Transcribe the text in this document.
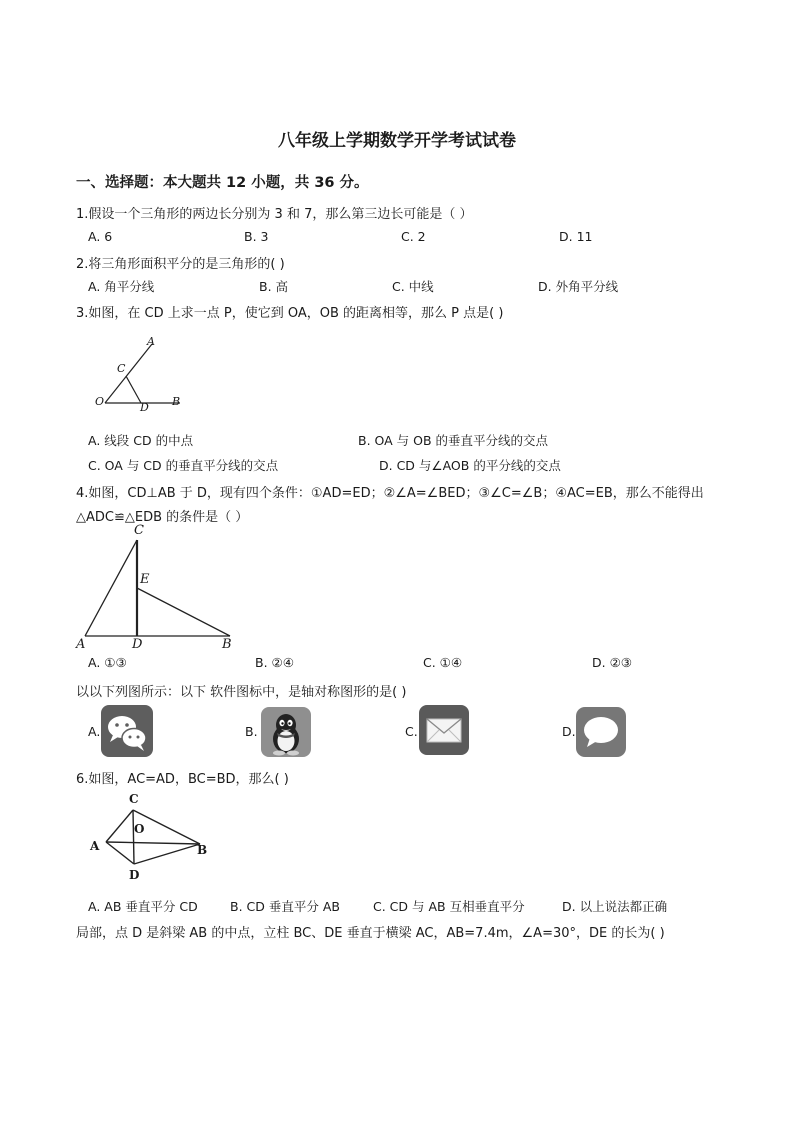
八年级上学期数学开学考试试卷
一、选择题：本大题共 12 小题，共 36 分。
1.假设一个三角形的两边长分别为 3 和 7，那么第三边长可能是（ ）
A. 6	B. 3	C. 2	D. 11
2.将三角形面积平分的是三角形的( )
A. 角平分线	B. 高	C. 中线	D. 外角平分线
3.如图，在 CD 上求一点 P，使它到 OA，OB 的距离相等，那么 P 点是( )
A
C
O	D B
A. 线段 CD 的中点	B. OA 与 OB 的垂直平分线的交点
C. OA 与 CD 的垂直平分线的交点	D. CD 与∠AOB 的平分线的交点
4.如图，CD⊥AB 于 D，现有四个条件：①AD=ED；②∠A=∠BED；③∠C=∠B；④AC=EB，那么不能得出
△ADC≌△EDB 的条件是（ ）
C
E
A	D	B
A. ①③	B. ②④	C. ①④	D. ②③
以以下列图所示：以下 软件图标中，是轴对称图形的是( )
A.	B.	C.	D.
6.如图，AC=AD，BC=BD，那么( )
C
O
A	B
D
A. AB 垂直平分 CD	B. CD 垂直平分 AB	C. CD 与 AB 互相垂直平分	D. 以上说法都正确
局部，点 D 是斜梁 AB 的中点，立柱 BC、DE 垂直于横梁 AC，AB=7.4m，∠A=30°，DE 的长为( )
